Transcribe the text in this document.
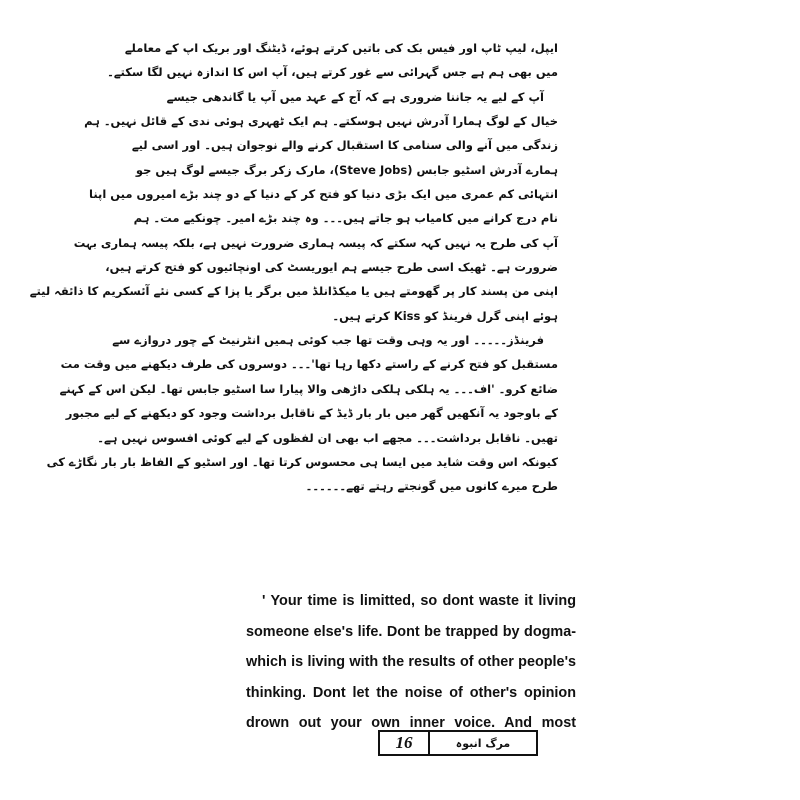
ایپل، لیپ ٹاپ اور فیس بک کی باتیں کرتے ہوئے، ڈیٹنگ اور بریک اپ کے معاملے
میں بھی ہم ہے جس گہرائی سے غور کرتے ہیں، آپ اس کا اندازہ نہیں لگا سکتے۔
آپ کے لیے یہ جاننا ضروری ہے کہ آج کے عہد میں آپ یا گاندھی جیسے
خیال کے لوگ ہمارا آدرش نہیں ہوسکتے۔ ہم ایک ٹھہری ہوئی ندی کے قائل نہیں۔ ہم
زندگی میں آنے والی سنامی کا استقبال کرنے والے نوجوان ہیں۔ اور اسی لیے
ہمارے آدرش اسٹیو جابس (Steve Jobs)، مارک زکر برگ جیسے لوگ ہیں جو
انتہائی کم عمری میں ایک بڑی دنیا کو فتح کر کے دنیا کے دو چند بڑے امیروں میں اپنا
نام درج کرانے میں کامیاب ہو جاتے ہیں۔۔۔ وہ چند بڑے امیر۔ چونکیے مت۔ ہم
آپ کی طرح یہ نہیں کہہ سکتے کہ پیسہ ہماری ضرورت نہیں ہے، بلکہ پیسہ ہماری بہت
ضرورت ہے۔ ٹھیک اسی طرح جیسے ہم ایوریسٹ کی اونچائیوں کو فتح کرتے ہیں،
اپنی من پسند کار پر گھومتے ہیں یا میکڈانلڈ میں برگر یا پزا کے کسی نئے آئسکریم کا ذائقہ لیتے
ہوئے اپنی گرل فرینڈ کو Kiss کرتے ہیں۔
فرینڈز۔۔۔۔۔ اور یہ وہی وقت تھا جب کوئی ہمیں انٹرنیٹ کے چور دروازے سے
مستقبل کو فتح کرنے کے راستے دکھا رہا تھا'۔۔۔ دوسروں کی طرف دیکھنے میں وقت مت
ضائع کرو۔ 'اف۔۔۔ یہ ہلکی ہلکی داڑھی والا پیارا سا اسٹیو جابس تھا۔ لیکن اس کے کہنے
کے باوجود یہ آنکھیں گھر میں بار بار ڈیڈ کے ناقابل برداشت وجود کو دیکھنے کے لیے مجبور
تھیں۔ ناقابل برداشت۔۔۔ مجھے اب بھی ان لفظوں کے لیے کوئی افسوس نہیں ہے۔
کیونکہ اس وقت شاید میں ایسا ہی محسوس کرتا تھا۔ اور اسٹیو کے الفاظ بار بار نگاڑے کی
طرح میرے کانوں میں گونجتے رہتے تھے۔۔۔۔۔۔
' Your time is limitted, so dont waste it living
someone else's life. Dont be trapped by dogma-
which is living with the results of other people's
thinking. Dont let the noise of other's opinion
drown out your own inner voice. And most
16	مرگ انبوہ
